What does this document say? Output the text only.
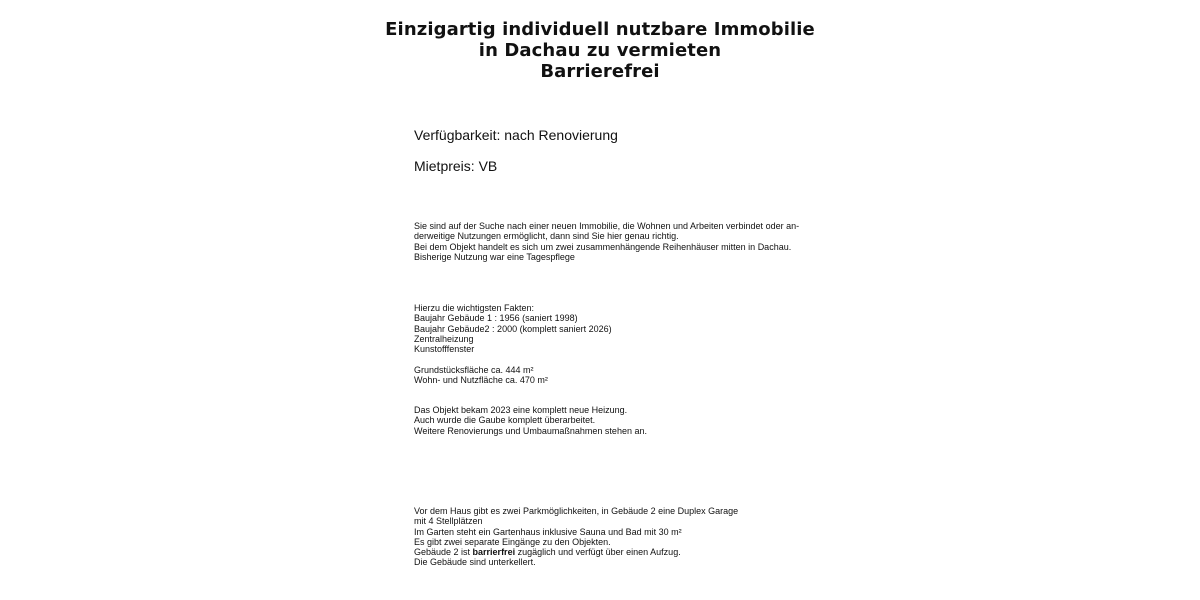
Einzigartig individuell nutzbare Immobilie
in Dachau zu vermieten
Barrierefrei
Verfügbarkeit: nach Renovierung
Mietpreis: VB
Sie sind auf der Suche nach einer neuen Immobilie, die Wohnen und Arbeiten verbindet oder an-
derweitige Nutzungen ermöglicht, dann sind Sie hier genau richtig.
Bei dem Objekt handelt es sich um zwei zusammenhängende Reihenhäuser mitten in Dachau.
Bisherige Nutzung war eine Tagespflege
Hierzu die wichtigsten Fakten:
Baujahr Gebäude 1 : 1956 (saniert 1998)
Baujahr Gebäude2 : 2000 (komplett saniert 2026)
Zentralheizung
Kunstofffenster
Grundstücksfläche ca. 444 m²
Wohn- und Nutzfläche ca. 470 m²
Das Objekt bekam 2023 eine komplett neue Heizung.
Auch wurde die Gaube komplett überarbeitet.
Weitere Renovierungs und Umbaumaßnahmen stehen an.
Vor dem Haus gibt es zwei Parkmöglichkeiten, in Gebäude 2 eine Duplex Garage
mit 4 Stellplätzen
Im Garten steht ein Gartenhaus inklusive Sauna und Bad mit 30 m²
Es gibt zwei separate Eingänge zu den Objekten.
Gebäude 2 ist barrierfrei zugäglich und verfügt über einen Aufzug.
Die Gebäude sind unterkellert.
